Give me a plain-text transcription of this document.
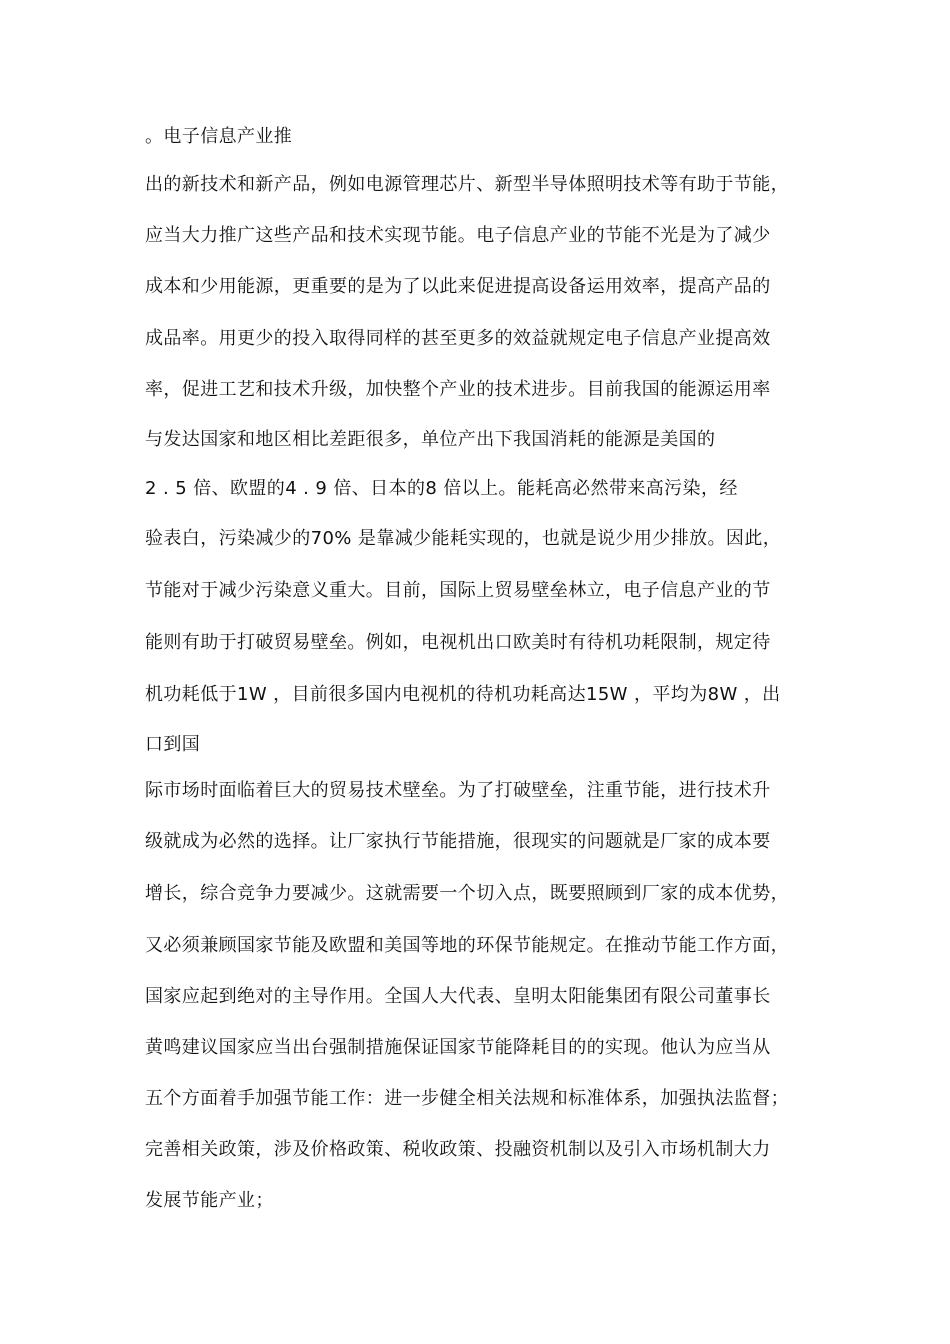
。电子信息产业推
出的新技术和新产品，例如电源管理芯片、新型半导体照明技术等有助于节能，
应当大力推广这些产品和技术实现节能。电子信息产业的节能不光是为了减少
成本和少用能源，更重要的是为了以此来促进提高设备运用效率，提高产品的
成品率。用更少的投入取得同样的甚至更多的效益就规定电子信息产业提高效
率，促进工艺和技术升级，加快整个产业的技术进步。目前我国的能源运用率
与发达国家和地区相比差距很多，单位产出下我国消耗的能源是美国的
2 . 5 倍、欧盟的4 . 9 倍、日本的8 倍以上。能耗高必然带来高污染，经
验表白，污染减少的70% 是靠减少能耗实现的，也就是说少用少排放。因此，
节能对于减少污染意义重大。目前，国际上贸易壁垒林立，电子信息产业的节
能则有助于打破贸易壁垒。例如，电视机出口欧美时有待机功耗限制，规定待
机功耗低于1W ，目前很多国内电视机的待机功耗高达15W ，平均为8W ，出
口到国
际市场时面临着巨大的贸易技术壁垒。为了打破壁垒，注重节能，进行技术升
级就成为必然的选择。让厂家执行节能措施，很现实的问题就是厂家的成本要
增长，综合竞争力要减少。这就需要一个切入点，既要照顾到厂家的成本优势，
又必须兼顾国家节能及欧盟和美国等地的环保节能规定。在推动节能工作方面，
国家应起到绝对的主导作用。全国人大代表、皇明太阳能集团有限公司董事长
黄鸣建议国家应当出台强制措施保证国家节能降耗目的的实现。他认为应当从
五个方面着手加强节能工作：进一步健全相关法规和标准体系，加强执法监督；
完善相关政策，涉及价格政策、税收政策、投融资机制以及引入市场机制大力
发展节能产业；
